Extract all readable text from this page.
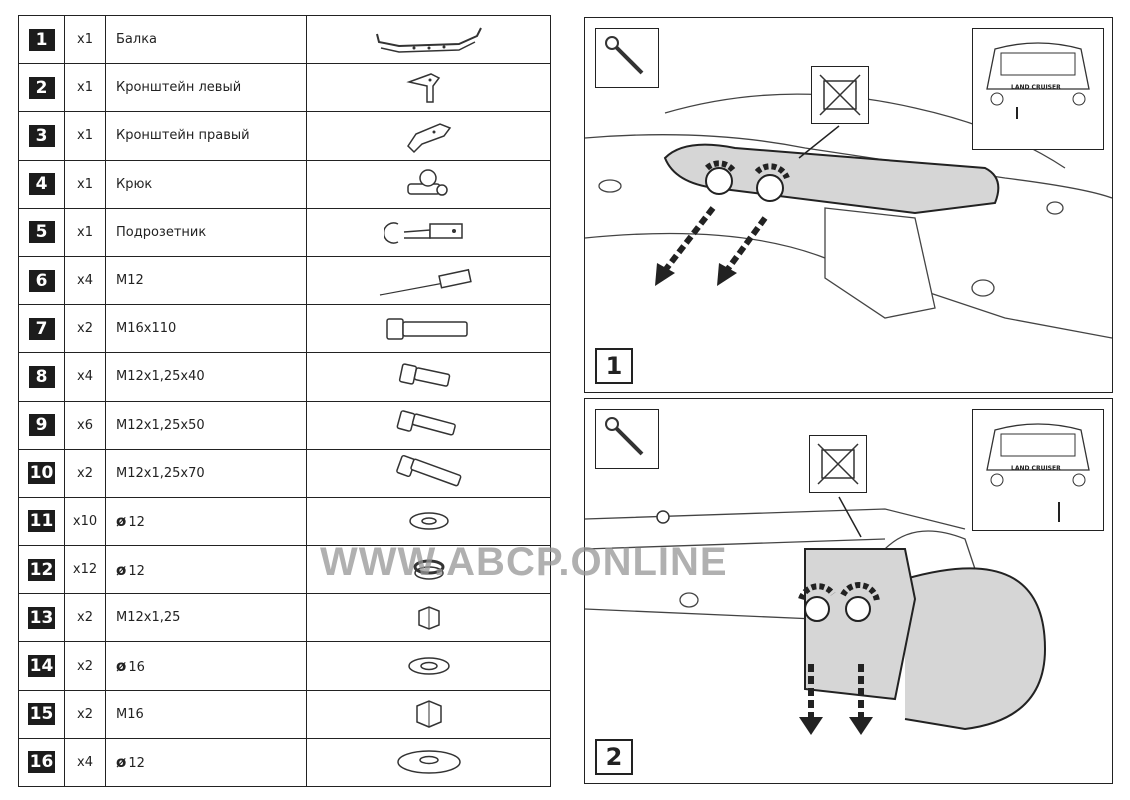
1	x1	Балка	

2	x1	Кронштейн левый	

3	x1	Кронштейн правый	

4	x1	Крюк	

5	x1	Подрозетник	

6	x4	M12	

7	x2	M16x110	

8	x4	M12x1,25x40	

9	x6	M12x1,25x50	

10	x2	M12x1,25x70	

11	x10	ø 12	

12	x12	ø 12	

13	x2	M12x1,25	

14	x2	ø 16	

15	x2	M16	

16	x4	ø 12	
LAND CRUISER
1
LAND CRUISER
2
WWW.ABCP.ONLINE
